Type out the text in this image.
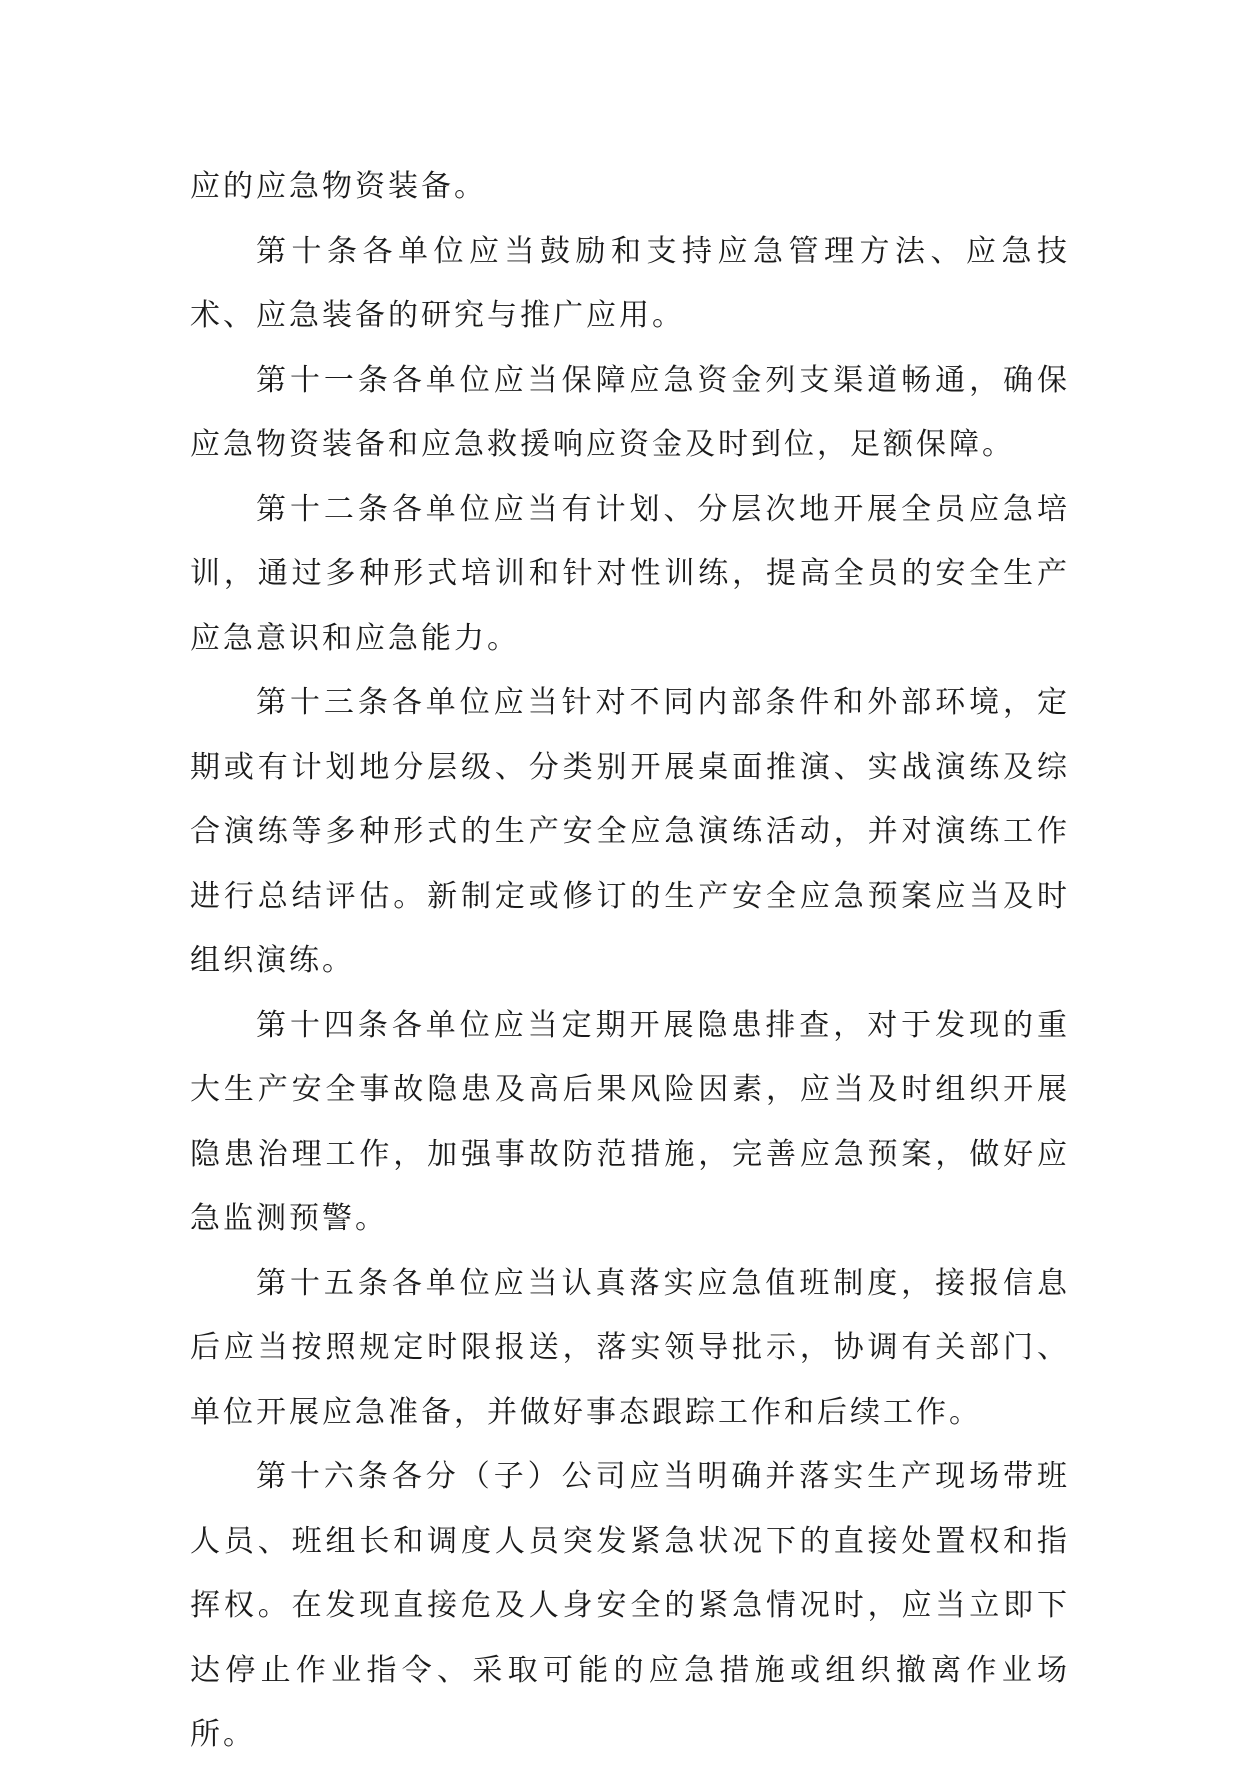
应的应急物资装备。

第十条各单位应当鼓励和支持应急管理方法、应急技术、应急装备的研究与推广应用。

第十一条各单位应当保障应急资金列支渠道畅通，确保应急物资装备和应急救援响应资金及时到位，足额保障。

第十二条各单位应当有计划、分层次地开展全员应急培训，通过多种形式培训和针对性训练，提高全员的安全生产应急意识和应急能力。

第十三条各单位应当针对不同内部条件和外部环境，定期或有计划地分层级、分类别开展桌面推演、实战演练及综合演练等多种形式的生产安全应急演练活动，并对演练工作进行总结评估。新制定或修订的生产安全应急预案应当及时组织演练。

第十四条各单位应当定期开展隐患排查，对于发现的重大生产安全事故隐患及高后果风险因素，应当及时组织开展隐患治理工作，加强事故防范措施，完善应急预案，做好应急监测预警。

第十五条各单位应当认真落实应急值班制度，接报信息后应当按照规定时限报送，落实领导批示，协调有关部门、单位开展应急准备，并做好事态跟踪工作和后续工作。

第十六条各分（子）公司应当明确并落实生产现场带班人员、班组长和调度人员突发紧急状况下的直接处置权和指挥权。在发现直接危及人身安全的紧急情况时，应当立即下达停止作业指令、采取可能的应急措施或组织撤离作业场所。
